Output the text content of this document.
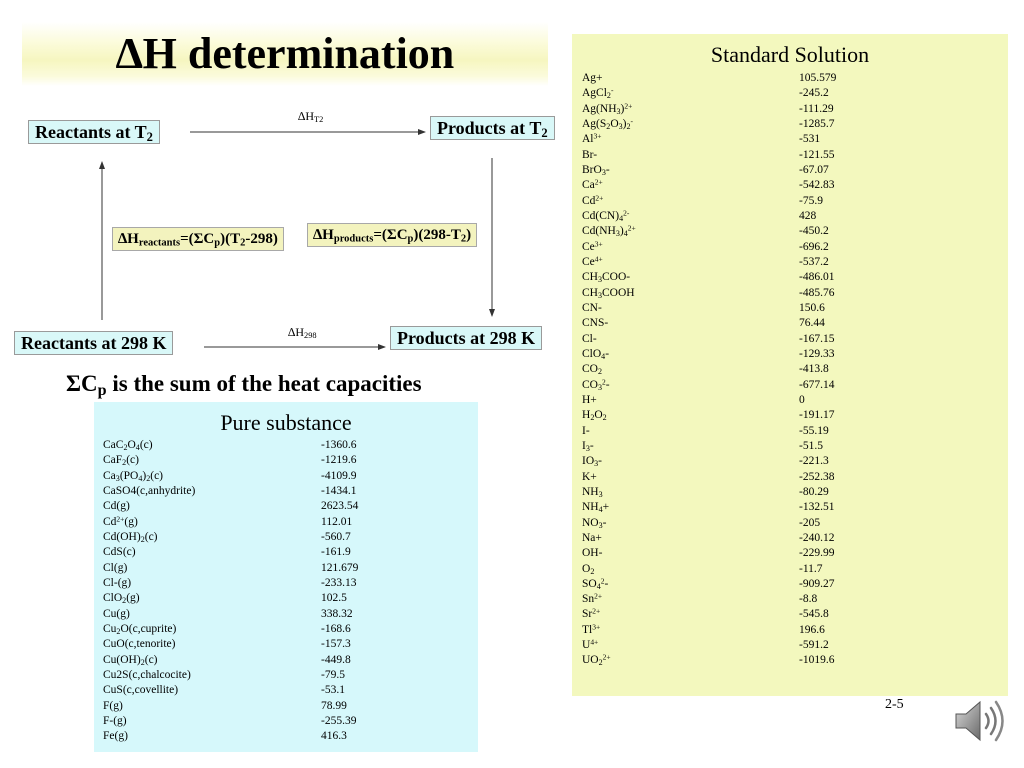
∆H determination
Reactants at $T_2$	Products at $T_2$
Reactants at 298 K	Products at 298 K
$\Delta H_{T2}$
$\Delta H_{298}$
$\Delta H_{reactants}=(\Sigma C_p)(T_2-298)$	$\Delta H_{products}=(\Sigma C_p)(298-T_2)$
$\Sigma C_p$ is the sum of the heat capacities
Pure substance
$CaC_2O_4(c)$	-1360.6
CaF$_2$(c)	-1219.6
$Ca_3(PO_4)_2(c)$	-4109.9
CaSO4(c,anhydrite)	-1434.1
Cd(g)	2623.54
$Cd^{2+}(g)$	112.01
$Cd(OH)_2(c)$	-560.7
CdS(c)	-161.9
Cl(g)	121.679
Cl-(g)	-233.13
ClO$_2$(g)	102.5
Cu(g)	338.32
$Cu_2O(c,cuprite)$	-168.6
CuO(c,tenorite)	-157.3
$Cu(OH)_2(c)$	-449.8
Cu2S(c,chalcocite)	-79.5
CuS(c,covellite)	-53.1
F(g)	78.99
F-(g)	-255.39
Fe(g)	416.3
Standard Solution
Ag+	105.579
AgCl$_2$-	-245.2
$Ag(NH_3)^{2+}$	-111.29
$Ag(S_2O_3)_2^-$	-1285.7
$Al^{3+}$	-531
Br-	-121.55
BrO$_3$-	-67.07
$Ca^{2+}$	-542.83
$Cd^{2+}$	-75.9
$Cd(CN)_4^{2-}$	428
$Cd(NH_3)_4^{2+}$	-450.2
$Ce^{3+}$	-696.2
$Ce^{4+}$	-537.2
$CH_3COO-$	-486.01
$CH_3COOH$	-485.76
CN-	150.6
CNS-	76.44
Cl-	-167.15
ClO$_4$-	-129.33
$CO_2$	-413.8
$CO_3^2-$	-677.14
H+	0
$H_2O_2$	-191.17
I-	-55.19
$I_3-$	-51.5
$IO_3-$	-221.3
K+	-252.38
$NH_3$	-80.29
$NH_4+$	-132.51
$NO_3-$	-205
Na+	-240.12
OH-	-229.99
$O_2$	-11.7
$SO_4^2-$	-909.27
$Sn^{2+}$	-8.8
$Sr^{2+}$	-545.8
$Tl^{3+}$	196.6
$U^{4+}$	-591.2
$UO_2^{2+}$	-1019.6
2-5
